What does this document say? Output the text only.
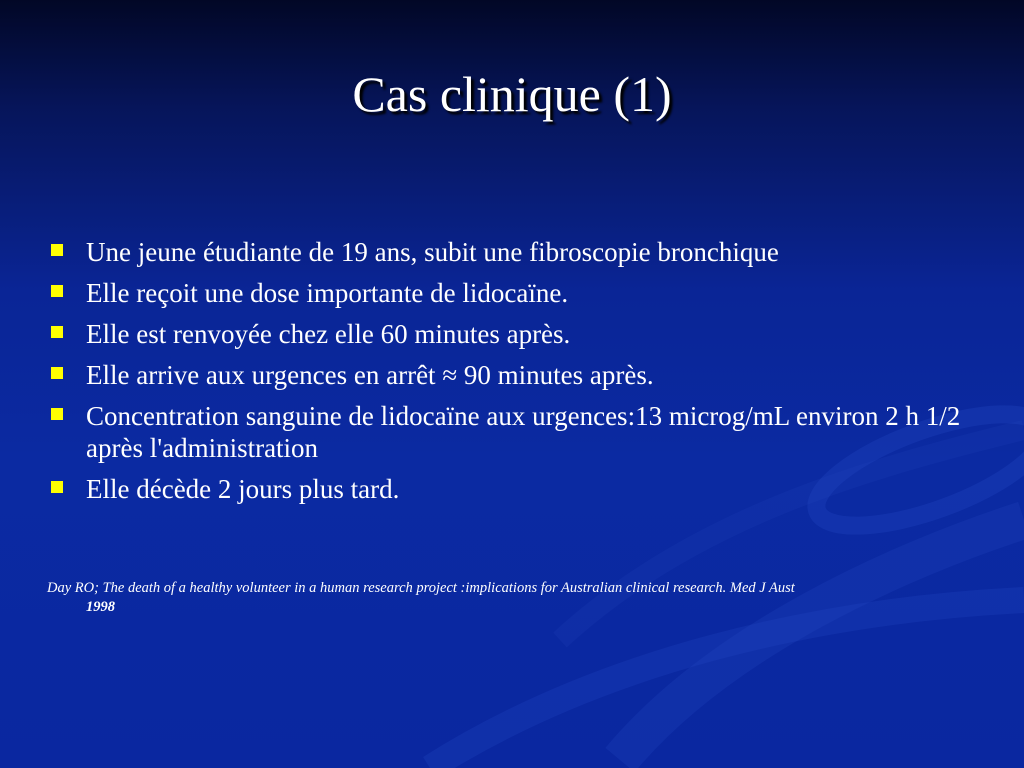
Cas clinique (1)
Une jeune étudiante de 19 ans, subit une fibroscopie bronchique
Elle reçoit une dose importante de lidocaïne.
Elle est renvoyée chez elle 60 minutes après.
Elle arrive aux urgences en arrêt ≈ 90 minutes après.
Concentration sanguine de lidocaïne aux urgences:13 microg/mL environ 2 h 1/2 après l'administration
Elle décède 2 jours plus tard.
Day RO; The death of a healthy volunteer in a human research project :implications for Australian clinical research. Med J Aust
1998
